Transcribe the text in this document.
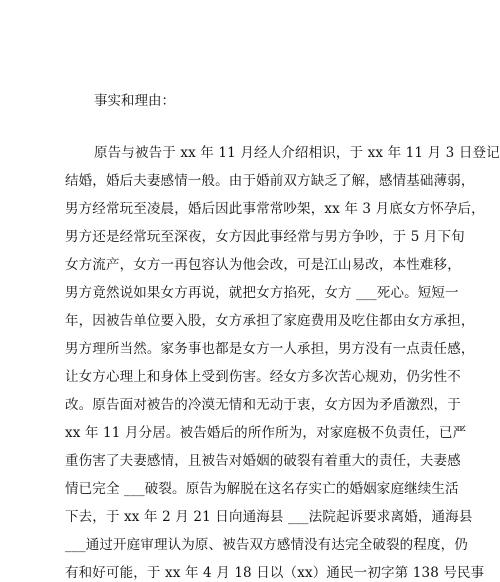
事实和理由：
原告与被告于 xx 年 11 月经人介绍相识，于 xx 年 11 月 3 日登记
结婚，婚后夫妻感情一般。由于婚前双方缺乏了解，感情基础薄弱，
男方经常玩至凌晨，婚后因此事常常吵架，xx 年 3 月底女方怀孕后，
男方还是经常玩至深夜，女方因此事经常与男方争吵，于 5 月下旬
女方流产，女方一再包容认为他会改，可是江山易改，本性难移，
男方竟然说如果女方再说，就把女方掐死，女方 ___死心。短短一
年，因被告单位要入股，女方承担了家庭费用及吃住都由女方承担，
男方理所当然。家务事也都是女方一人承担，男方没有一点责任感，
让女方心理上和身体上受到伤害。经女方多次苦心规劝，仍劣性不
改。原告面对被告的冷漠无情和无动于衷，女方因为矛盾激烈，于
xx 年 11 月分居。被告婚后的所作所为，对家庭极不负责任，已严
重伤害了夫妻感情，且被告对婚姻的破裂有着重大的责任，夫妻感
情已完全 ___破裂。原告为解脱在这名存实亡的婚姻家庭继续生活
下去，于 xx 年 2 月 21 日向通海县 ___法院起诉要求离婚，通海县
___通过开庭审理认为原、被告双方感情没有达完全破裂的程度，仍
有和好可能，于 xx 年 4 月 18 日以（xx）通民一初字第 138 号民事
